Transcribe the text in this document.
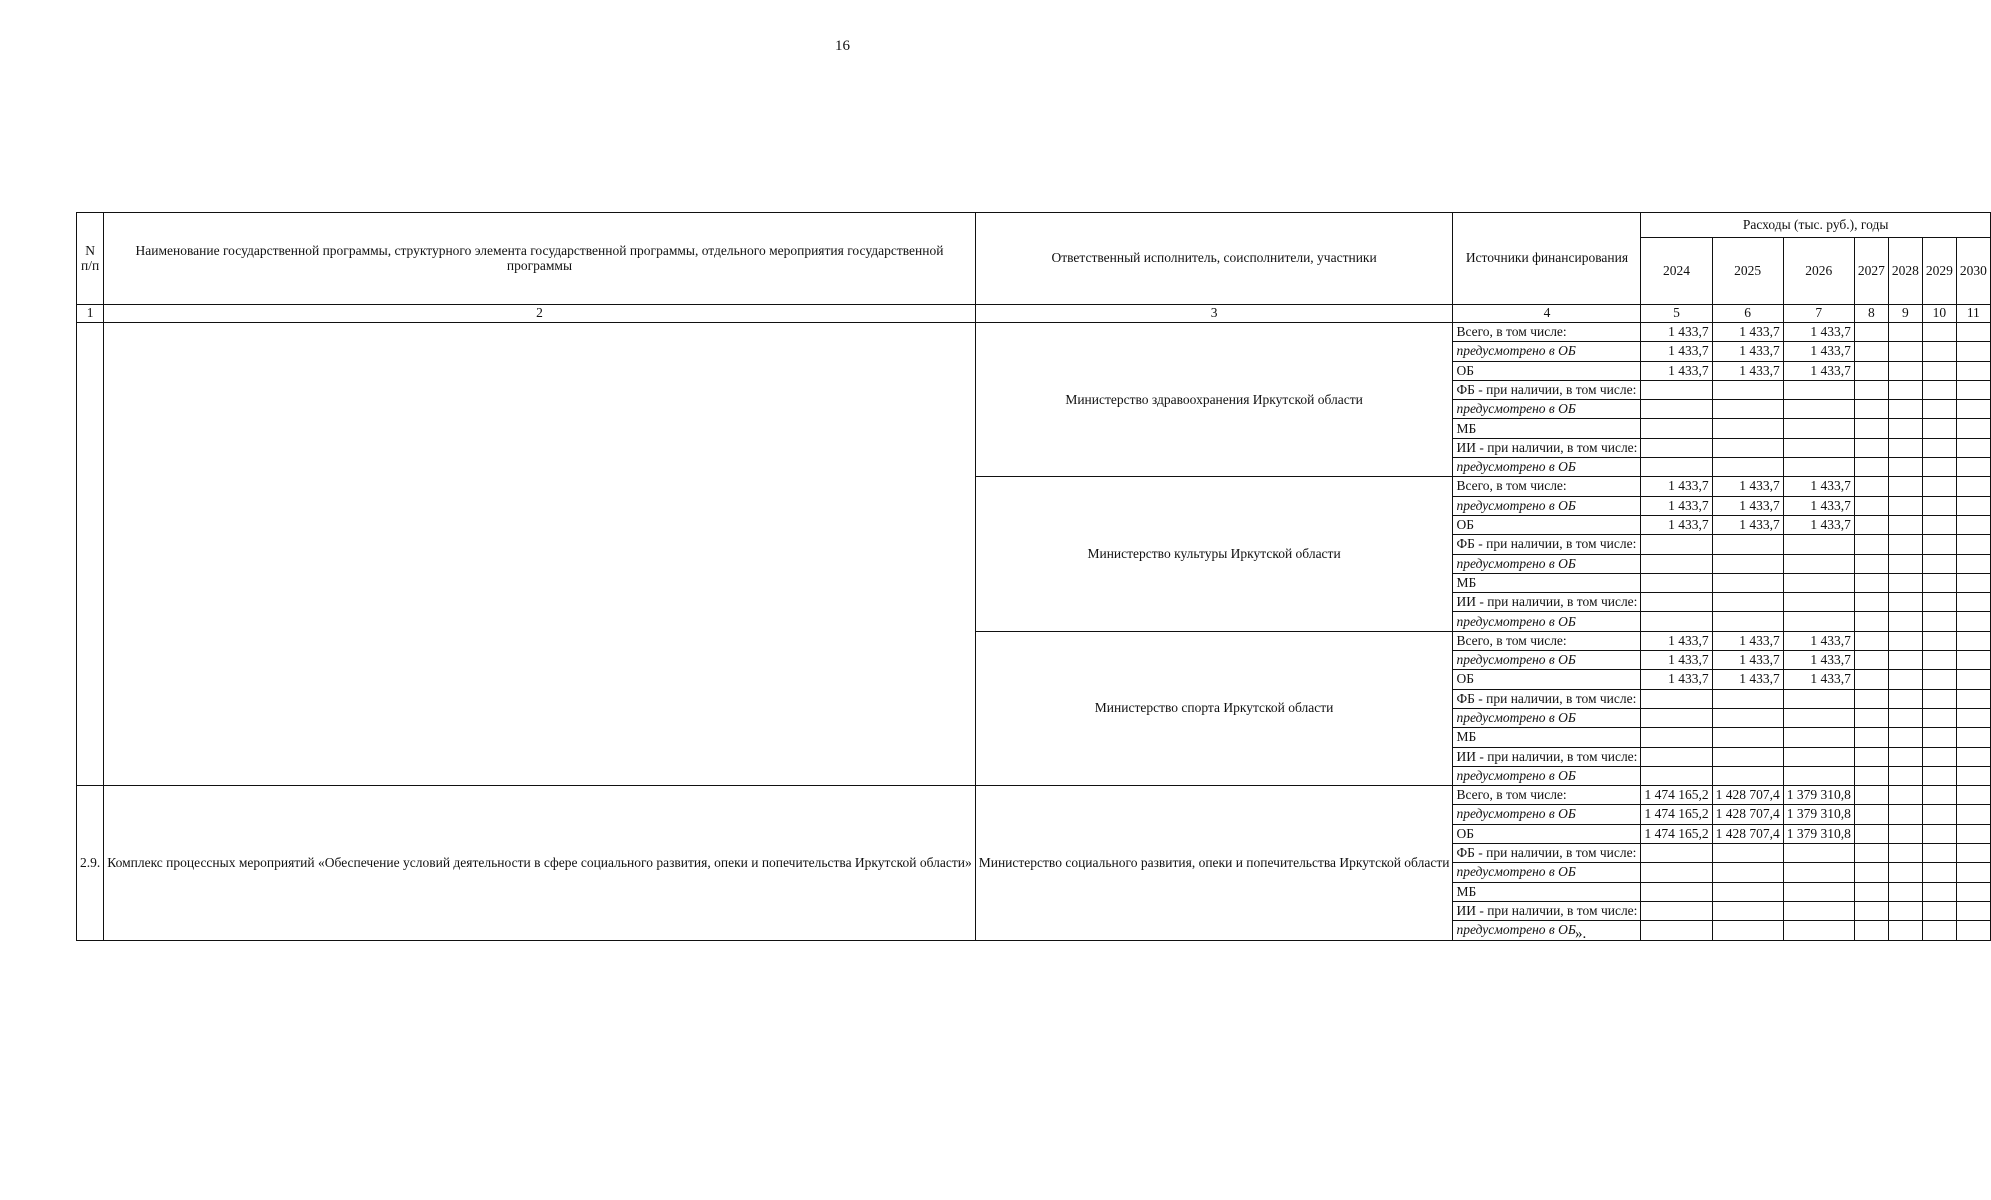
16
N п/п	Наименование государственной программы, структурного элемента государственной программы, отдельного мероприятия государственной программы	Ответственный исполнитель, соисполнители, участники	Источники финансирования	Расходы (тыс. руб.), годы						
				2024	2025	2026	2027	2028	2029	2030
1	2	3	4	5	6	7	8	9	10	11
		Министерство здравоохранения Иркутской области	Всего, в том числе:	1 433,7	1 433,7	1 433,7				
			предусмотрено в ОБ	1 433,7	1 433,7	1 433,7				
			ОБ	1 433,7	1 433,7	1 433,7				
			ФБ - при наличии, в том числе:							
			предусмотрено в ОБ							
			МБ							
			ИИ - при наличии, в том числе:							
			предусмотрено в ОБ							
		Министерство культуры Иркутской области	Всего, в том числе:	1 433,7	1 433,7	1 433,7				
			предусмотрено в ОБ	1 433,7	1 433,7	1 433,7				
			ОБ	1 433,7	1 433,7	1 433,7				
			ФБ - при наличии, в том числе:							
			предусмотрено в ОБ							
			МБ							
			ИИ - при наличии, в том числе:							
			предусмотрено в ОБ							
		Министерство спорта Иркутской области	Всего, в том числе:	1 433,7	1 433,7	1 433,7				
			предусмотрено в ОБ	1 433,7	1 433,7	1 433,7				
			ОБ	1 433,7	1 433,7	1 433,7				
			ФБ - при наличии, в том числе:							
			предусмотрено в ОБ							
			МБ							
			ИИ - при наличии, в том числе:							
			предусмотрено в ОБ							
2.9.	Комплекс процессных мероприятий «Обеспечение условий деятельности в сфере социального развития, опеки и попечительства Иркутской области»	Министерство социального развития, опеки и попечительства Иркутской области	Всего, в том числе:	1 474 165,2	1 428 707,4	1 379 310,8				
			предусмотрено в ОБ	1 474 165,2	1 428 707,4	1 379 310,8				
			ОБ	1 474 165,2	1 428 707,4	1 379 310,8				
			ФБ - при наличии, в том числе:							
			предусмотрено в ОБ							
			МБ							
			ИИ - при наличии, в том числе:							
			предусмотрено в ОБ							».
